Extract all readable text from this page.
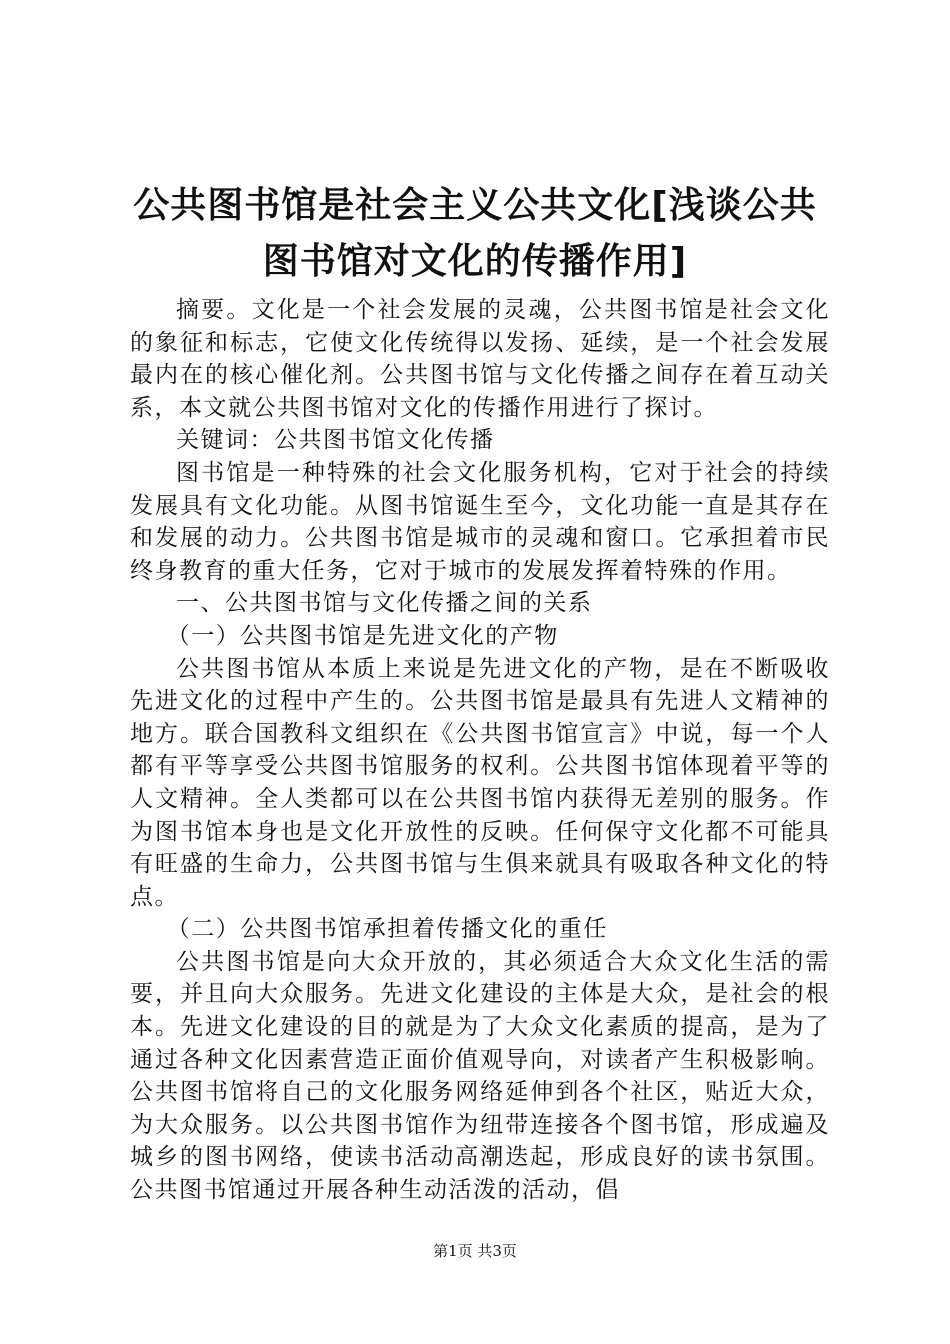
公共图书馆是社会主义公共文化[浅谈公共图书馆对文化的传播作用]

摘要。文化是一个社会发展的灵魂，公共图书馆是社会文化的象征和标志，它使文化传统得以发扬、延续，是一个社会发展最内在的核心催化剂。公共图书馆与文化传播之间存在着互动关系，本文就公共图书馆对文化的传播作用进行了探讨。

关键词：公共图书馆文化传播

图书馆是一种特殊的社会文化服务机构，它对于社会的持续发展具有文化功能。从图书馆诞生至今，文化功能一直是其存在和发展的动力。公共图书馆是城市的灵魂和窗口。它承担着市民终身教育的重大任务，它对于城市的发展发挥着特殊的作用。

一、公共图书馆与文化传播之间的关系

（一）公共图书馆是先进文化的产物

公共图书馆从本质上来说是先进文化的产物，是在不断吸收先进文化的过程中产生的。公共图书馆是最具有先进人文精神的地方。联合国教科文组织在《公共图书馆宣言》中说，每一个人都有平等享受公共图书馆服务的权利。公共图书馆体现着平等的人文精神。全人类都可以在公共图书馆内获得无差别的服务。作为图书馆本身也是文化开放性的反映。任何保守文化都不可能具有旺盛的生命力，公共图书馆与生俱来就具有吸取各种文化的特点。

（二）公共图书馆承担着传播文化的重任

公共图书馆是向大众开放的，其必须适合大众文化生活的需要，并且向大众服务。先进文化建设的主体是大众，是社会的根本。先进文化建设的目的就是为了大众文化素质的提高，是为了通过各种文化因素营造正面价值观导向，对读者产生积极影响。公共图书馆将自己的文化服务网络延伸到各个社区，贴近大众，为大众服务。以公共图书馆作为纽带连接各个图书馆，形成遍及城乡的图书网络，使读书活动高潮迭起，形成良好的读书氛围。公共图书馆通过开展各种生动活泼的活动，倡

第1页 共3页
